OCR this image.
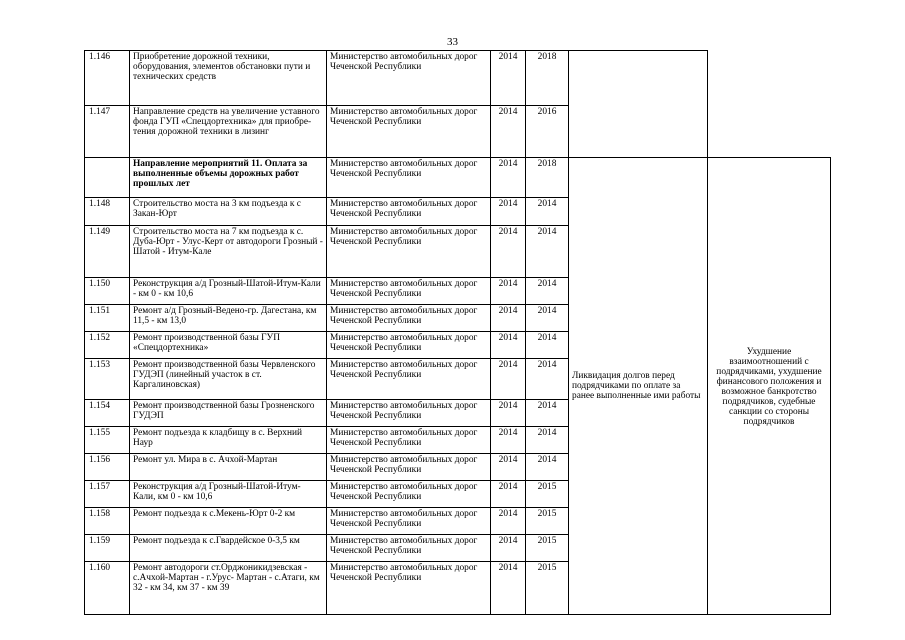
33
1.146	Приобретение дорожной техники, оборудования, элементов обстановки пути и технических средств	Министерство автомобильных дорог Чеченской Республики	2014	2018		
1.147	Направление средств на увеличение уставного фонда ГУП «Спецдортехника» для приобре-тения дорожной техники в лизинг	Министерство автомобильных дорог Чеченской Республики	2014	2016		
	Направление мероприятий 11. Оплата за выполненные объемы дорожных работ прошлых лет	Министерство автомобильных дорог Чеченской Республики	2014	2018	Ликвидация долгов перед подрядчиками по оплате за ранее выполненные ими работы	Ухудшение взаимоотношений с подрядчиками, ухудшение финансового положения и возможное банкротство подрядчиков, судебные санкции со стороны подрядчиков
1.148	Строительство моста на 3 км подъезда к с Закан-Юрт	Министерство автомобильных дорог Чеченской Республики	2014	2014		
1.149	Строительство моста на 7 км подъезда к с. Дуба-Юрт - Улус-Керт от автодороги Грозный - Шатой - Итум-Кале	Министерство автомобильных дорог Чеченской Республики	2014	2014		
1.150	Реконструкция а/д Грозный-Шатой-Итум-Кали - км 0 - км 10,6	Министерство автомобильных дорог Чеченской Республики	2014	2014		
1.151	Ремонт а/д Грозный-Ведено-гр. Дагестана, км 11,5 - км 13,0	Министерство автомобильных дорог Чеченской Республики	2014	2014		
1.152	Ремонт производственной базы ГУП «Спецдортехника»	Министерство автомобильных дорог Чеченской Республики	2014	2014		
1.153	Ремонт производственной базы Червленского ГУДЭП (линейный участок в ст. Каргалиновская)	Министерство автомобильных дорог Чеченской Республики	2014	2014		
1.154	Ремонт производственной базы Грозненского ГУДЭП	Министерство автомобильных дорог Чеченской Республики	2014	2014		
1.155	Ремонт подъезда к кладбищу в с. Верхний Наур	Министерство автомобильных дорог Чеченской Республики	2014	2014		
1.156	Ремонт ул. Мира в с. Ачхой-Мартан	Министерство автомобильных дорог Чеченской Республики	2014	2014		
1.157	Реконструкция а/д Грозный-Шатой-Итум-Кали, км 0 - км 10,6	Министерство автомобильных дорог Чеченской Республики	2014	2015		
1.158	Ремонт подъезда к с.Мекень-Юрт 0-2 км	Министерство автомобильных дорог Чеченской Республики	2014	2015		
1.159	Ремонт подъезда к с.Гвардейское 0-3,5 км	Министерство автомобильных дорог Чеченской Республики	2014	2015		
1.160	Ремонт автодороги ст.Орджоникидзевская - с.Ачхой-Мартан - г.Урус- Мартан - с.Атаги, км 32 - км 34, км 37 - км 39	Министерство автомобильных дорог Чеченской Республики	2014	2015		
